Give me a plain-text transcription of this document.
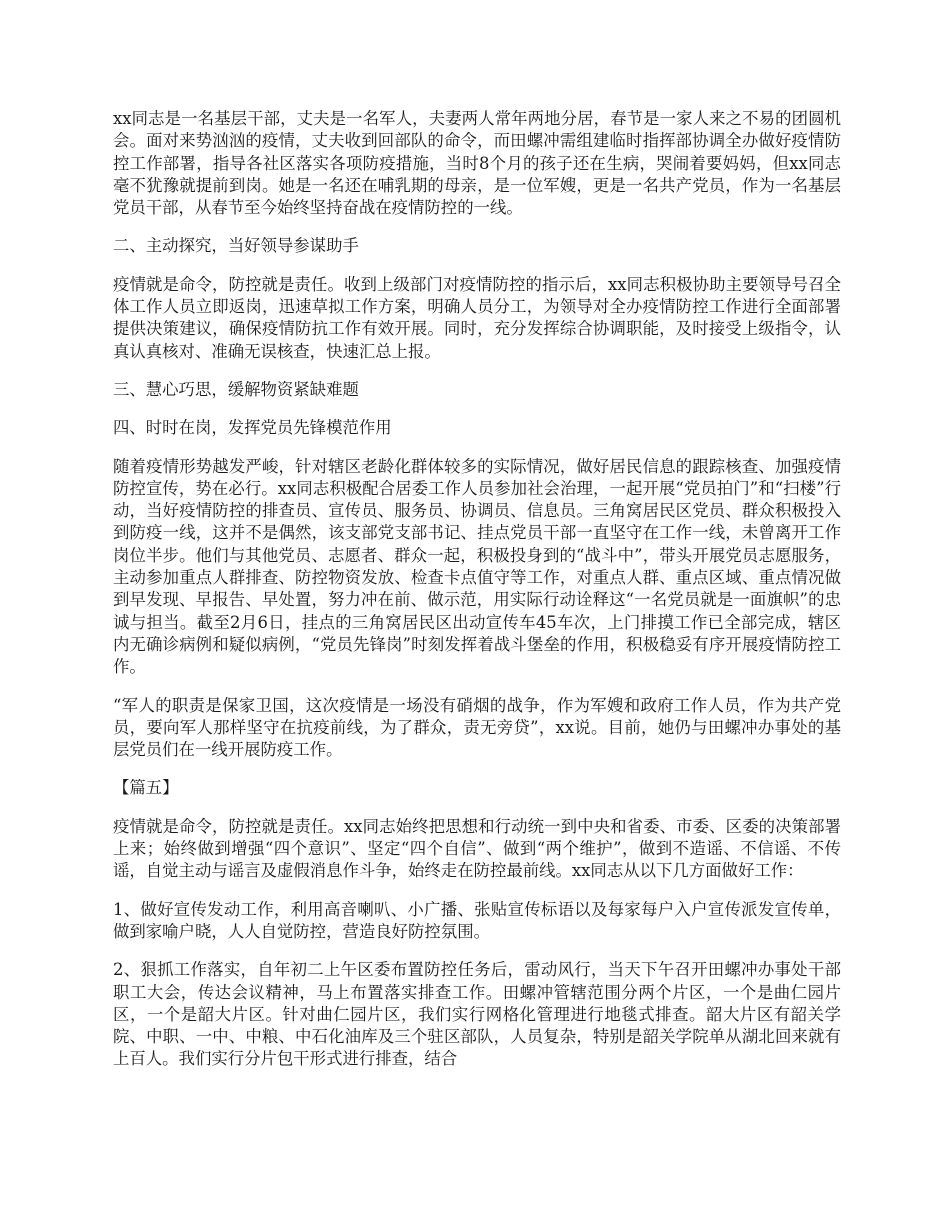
xx同志是一名基层干部，丈夫是一名军人，夫妻两人常年两地分居，春节是一家人来之不易的团圆机会。面对来势汹汹的疫情，丈夫收到回部队的命令，而田螺冲需组建临时指挥部协调全办做好疫情防控工作部署，指导各社区落实各项防疫措施，当时8个月的孩子还在生病，哭闹着要妈妈，但xx同志毫不犹豫就提前到岗。她是一名还在哺乳期的母亲，是一位军嫂，更是一名共产党员，作为一名基层党员干部，从春节至今始终坚持奋战在疫情防控的一线。

二、主动探究，当好领导参谋助手

疫情就是命令，防控就是责任。收到上级部门对疫情防控的指示后，xx同志积极协助主要领导号召全体工作人员立即返岗，迅速草拟工作方案，明确人员分工，为领导对全办疫情防控工作进行全面部署提供决策建议，确保疫情防抗工作有效开展。同时，充分发挥综合协调职能，及时接受上级指令，认真认真核对、准确无误核查，快速汇总上报。

三、慧心巧思，缓解物资紧缺难题

四、时时在岗，发挥党员先锋模范作用

随着疫情形势越发严峻，针对辖区老龄化群体较多的实际情况，做好居民信息的跟踪核查、加强疫情防控宣传，势在必行。xx同志积极配合居委工作人员参加社会治理，一起开展“党员拍门”和“扫楼”行动，当好疫情防控的排查员、宣传员、服务员、协调员、信息员。三角窝居民区党员、群众积极投入到防疫一线，这并不是偶然，该支部党支部书记、挂点党员干部一直坚守在工作一线，未曾离开工作岗位半步。他们与其他党员、志愿者、群众一起，积极投身到的“战斗中”，带头开展党员志愿服务，主动参加重点人群排查、防控物资发放、检查卡点值守等工作，对重点人群、重点区域、重点情况做到早发现、早报告、早处置，努力冲在前、做示范，用实际行动诠释这“一名党员就是一面旗帜”的忠诚与担当。截至2月6日，挂点的三角窝居民区出动宣传车45车次，上门排摸工作已全部完成，辖区内无确诊病例和疑似病例，“党员先锋岗”时刻发挥着战斗堡垒的作用，积极稳妥有序开展疫情防控工作。

“军人的职责是保家卫国，这次疫情是一场没有硝烟的战争，作为军嫂和政府工作人员，作为共产党员，要向军人那样坚守在抗疫前线，为了群众，责无旁贷”，xx说。目前，她仍与田螺冲办事处的基层党员们在一线开展防疫工作。

【篇五】

疫情就是命令，防控就是责任。xx同志始终把思想和行动统一到中央和省委、市委、区委的决策部署上来；始终做到增强“四个意识”、坚定“四个自信”、做到“两个维护”，做到不造谣、不信谣、不传谣，自觉主动与谣言及虚假消息作斗争，始终走在防控最前线。xx同志从以下几方面做好工作：

1、做好宣传发动工作，利用高音喇叭、小广播、张贴宣传标语以及每家每户入户宣传派发宣传单，做到家喻户晓，人人自觉防控，营造良好防控氛围。

2、狠抓工作落实，自年初二上午区委布置防控任务后，雷动风行，当天下午召开田螺冲办事处干部职工大会，传达会议精神，马上布置落实排查工作。田螺冲管辖范围分两个片区，一个是曲仁园片区，一个是韶大片区。针对曲仁园片区，我们实行网格化管理进行地毯式排查。韶大片区有韶关学院、中职、一中、中粮、中石化油库及三个驻区部队，人员复杂，特别是韶关学院单从湖北回来就有上百人。我们实行分片包干形式进行排查，结合
